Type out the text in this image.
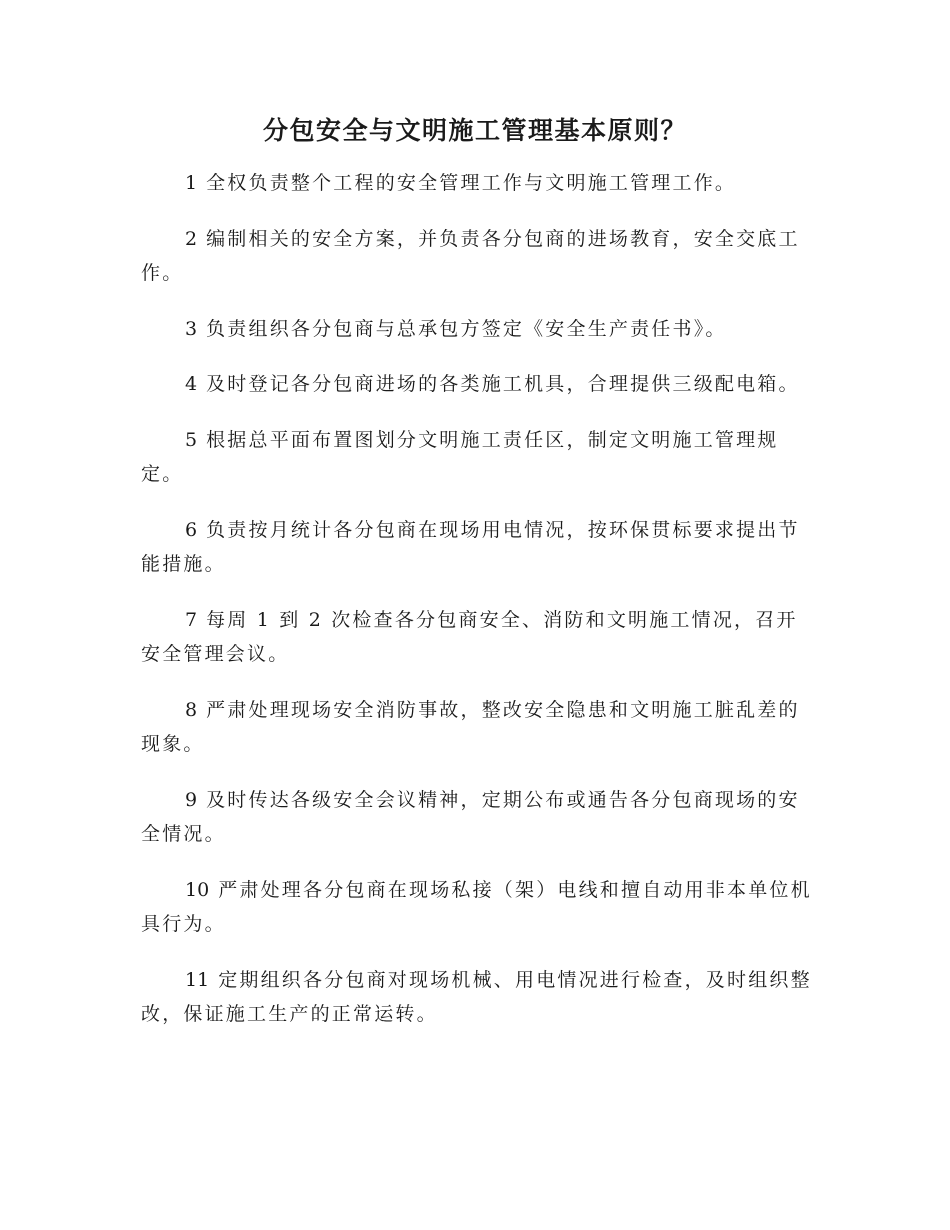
分包安全与文明施工管理基本原则？
1 全权负责整个工程的安全管理工作与文明施工管理工作。
2 编制相关的安全方案，并负责各分包商的进场教育，安全交底工作。
3 负责组织各分包商与总承包方签定《安全生产责任书》。
4 及时登记各分包商进场的各类施工机具，合理提供三级配电箱。
5 根据总平面布置图划分文明施工责任区，制定文明施工管理规定。
6 负责按月统计各分包商在现场用电情况，按环保贯标要求提出节能措施。
7 每周 1 到 2 次检查各分包商安全、消防和文明施工情况，召开安全管理会议。
8 严肃处理现场安全消防事故，整改安全隐患和文明施工脏乱差的现象。
9 及时传达各级安全会议精神，定期公布或通告各分包商现场的安全情况。
10 严肃处理各分包商在现场私接（架）电线和擅自动用非本单位机具行为。
11 定期组织各分包商对现场机械、用电情况进行检查，及时组织整改，保证施工生产的正常运转。
